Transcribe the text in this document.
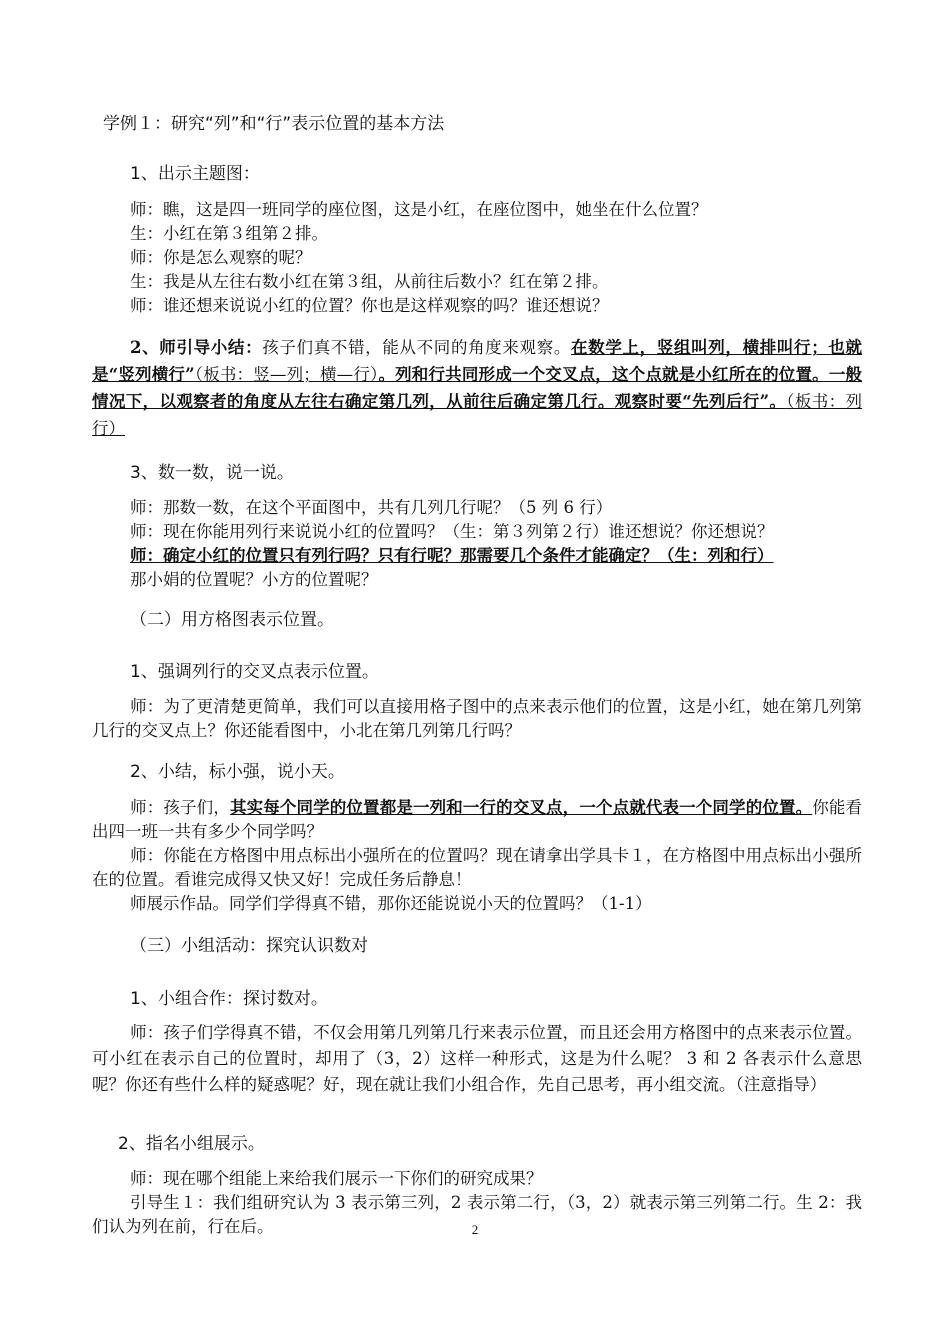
学例１：研究“列”和“行”表示位置的基本方法
1、出示主题图：

师：瞧，这是四一班同学的座位图，这是小红，在座位图中，她坐在什么位置？

生：小红在第３组第２排。

师：你是怎么观察的呢？

生：我是从左往右数小红在第３组，从前往后数小？红在第２排。

师：谁还想来说说小红的位置？你也是这样观察的吗？谁还想说？

2、师引导小结：孩子们真不错，能从不同的角度来观察。在数学上，竖组叫列，横排叫行；也就是“竖列横行”（板书：竖—列；横—行）。列和行共同形成一个交叉点，这个点就是小红所在的位置。一般情况下，以观察者的角度从左往右确定第几列，从前往后确定第几行。观察时要“先列后行”。（板书：列 行）
3、数一数，说一说。

师：那数一数，在这个平面图中，共有几列几行呢？（5 列 6 行）

师：现在你能用列行来说说小红的位置吗？（生：第３列第２行）谁还想说？你还想说？

师：确定小红的位置只有列行吗？只有行呢？那需要几个条件才能确定？（生：列和行）

那小娟的位置呢？小方的位置呢？

（二）用方格图表示位置。
1、强调列行的交叉点表示位置。
师：为了更清楚更简单，我们可以直接用格子图中的点来表示他们的位置，这是小红，她在第几列第几行的交叉点上？你还能看图中，小北在第几列第几行吗？
2、小结，标小强，说小天。

师：孩子们，其实每个同学的位置都是一列和一行的交叉点，一个点就代表一个同学的位置。你能看出四一班一共有多少个同学吗？

师：你能在方格图中用点标出小强所在的位置吗？现在请拿出学具卡１，在方格图中用点标出小强所在的位置。看谁完成得又快又好！完成任务后静息！

师展示作品。同学们学得真不错，那你还能说说小天的位置吗？（1-1）

（三）小组活动：探究认识数对
1、小组合作：探讨数对。
师：孩子们学得真不错，不仅会用第几列第几行来表示位置，而且还会用方格图中的点来表示位置。可小红在表示自己的位置时，却用了（3，2）这样一种形式，这是为什么呢？ 3 和 2 各表示什么意思呢？你还有些什么样的疑惑呢？好，现在就让我们小组合作，先自己思考，再小组交流。（注意指导）
2、指名小组展示。

师：现在哪个组能上来给我们展示一下你们的研究成果？

引导生１：我们组研究认为 3 表示第三列，2 表示第二行，（3，2）就表示第三列第二行。生 2：我们认为列在前，行在后。	2
